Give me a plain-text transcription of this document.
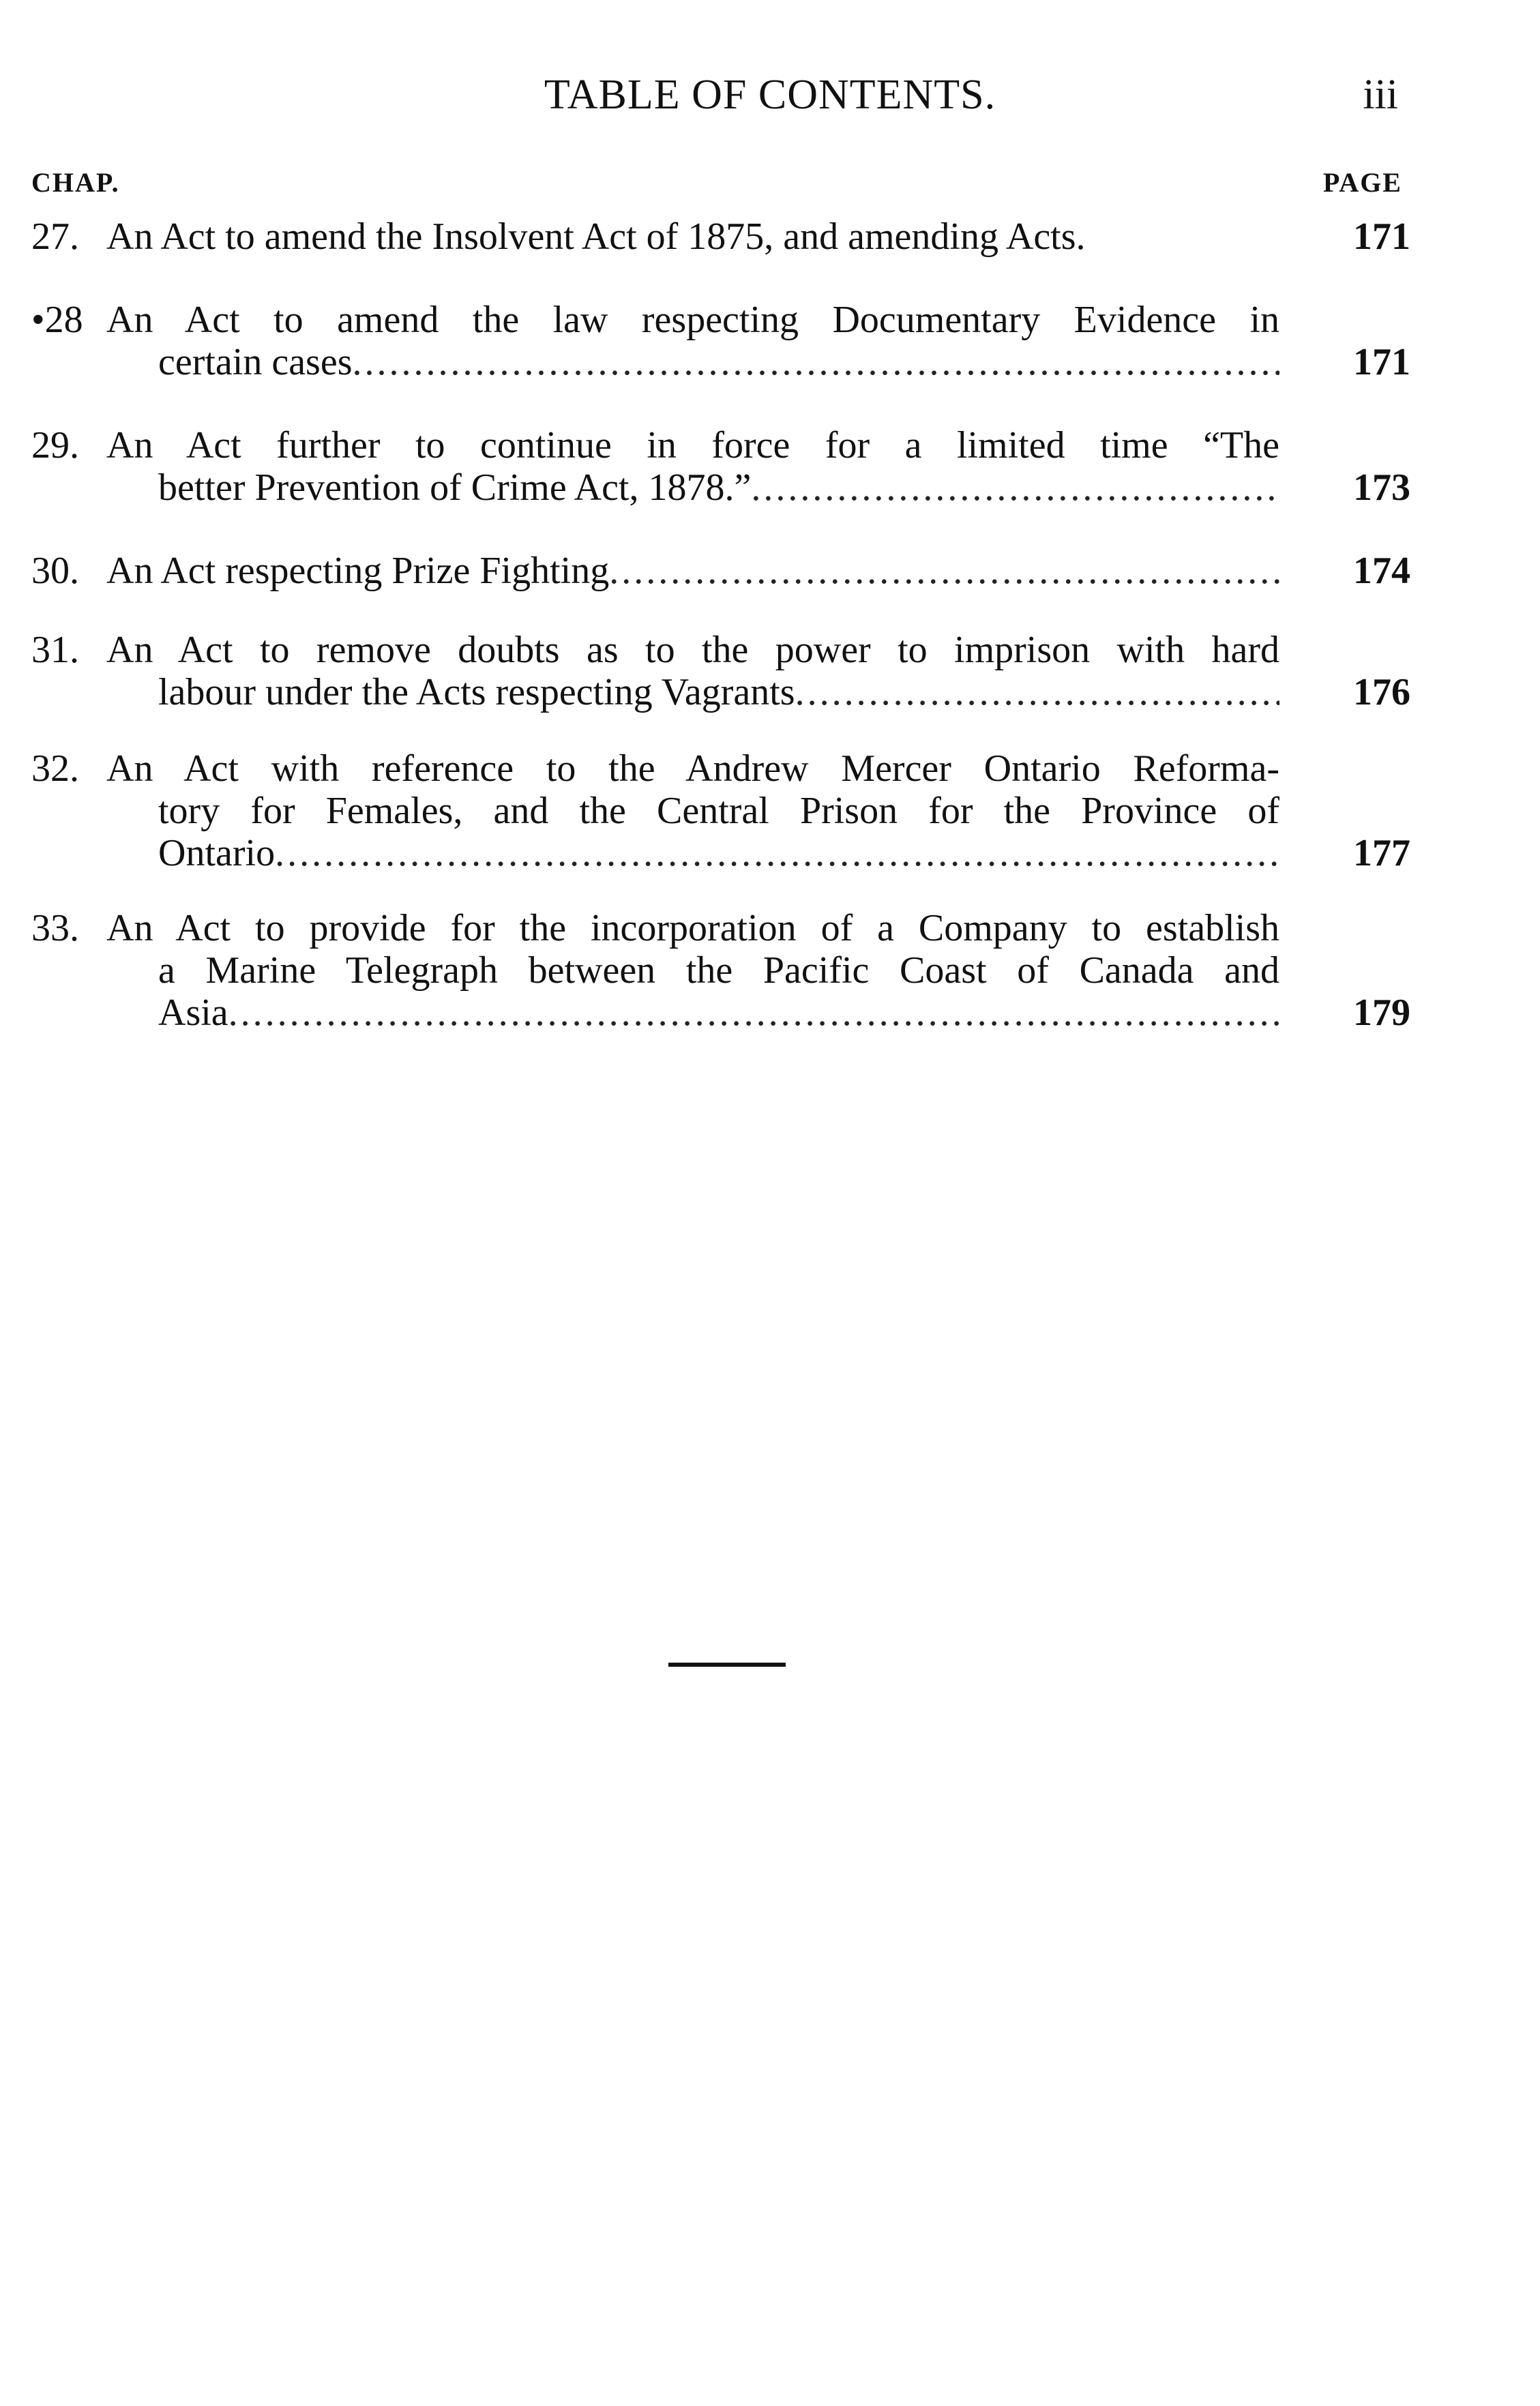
TABLE OF CONTENTS.	iii
CHAP.	PAGE
27. An Act to amend the Insolvent Act of 1875, and amending Acts.	171
•28 An Act to amend the law respecting Documentary Evidence in
certain cases .....	171
29. An Act further to continue in force for a limited time “The
better Prevention of Crime Act, 1878.” .....	173
30. An Act respecting Prize Fighting .....	174
31. An Act to remove doubts as to the power to imprison with hard
labour under the Acts respecting Vagrants .....	176
32. An Act with reference to the Andrew Mercer Ontario Reforma-
tory for Females, and the Central Prison for the Province of
Ontario .....	177
33. An Act to provide for the incorporation of a Company to establish
a Marine Telegraph between the Pacific Coast of Canada and
Asia .....	179
